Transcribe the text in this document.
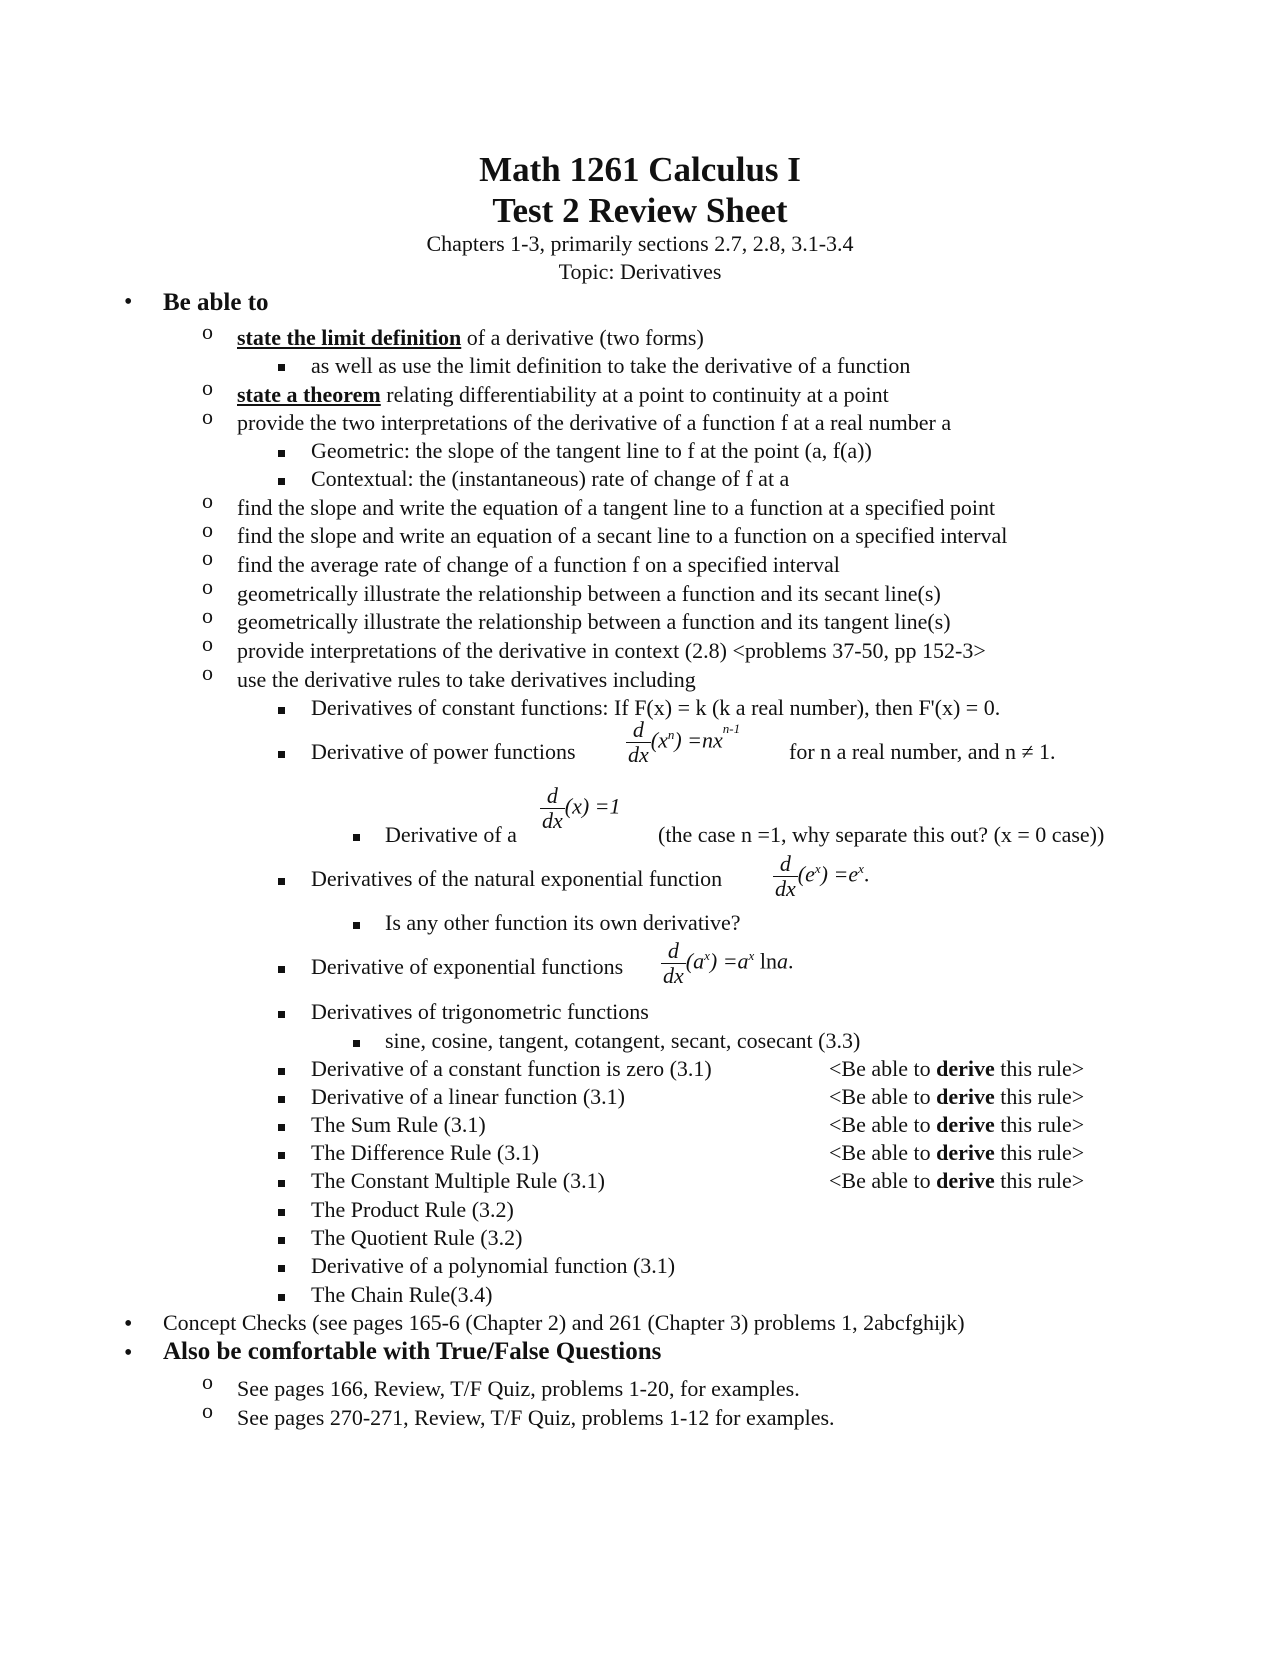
Math 1261 Calculus I
Test 2 Review Sheet
Chapters 1-3, primarily sections 2.7, 2.8, 3.1-3.4
Topic: Derivatives
• Be able to
o state the limit definition of a derivative (two forms)
as well as use the limit definition to take the derivative of a function
o state a theorem relating differentiability at a point to continuity at a point
o provide the two interpretations of the derivative of a function f at a real number a
Geometric: the slope of the tangent line to f at the point (a, f(a))
Contextual: the (instantaneous) rate of change of f at a
o find the slope and write the equation of a tangent line to a function at a specified point
o find the slope and write an equation of a secant line to a function on a specified interval
o find the average rate of change of a function f on a specified interval
o geometrically illustrate the relationship between a function and its secant line(s)
o geometrically illustrate the relationship between a function and its tangent line(s)
o provide interpretations of the derivative in context (2.8) <problems 37-50, pp 152-3>
o use the derivative rules to take derivatives including
Derivatives of constant functions: If F(x) = k (k a real number), then F'(x) = 0.
Derivative of power functions $\frac{d}{dx} (x^n) =nx^{n-1}$
for n a real number, and n ≠ 1.
Derivative of a
$\frac{d}{dx} (x) =1$
(the case n =1, why separate this out? (x = 0 case))
Derivatives of the natural exponential function $\frac{d}{dx} (e^x) =e^x$.
Is any other function its own derivative?
Derivative of exponential functions $\frac{d}{dx} (a^x) =a^x$ lna.
Derivatives of trigonometric functions
sine, cosine, tangent, cotangent, secant, cosecant (3.3)
Derivative of a constant function is zero (3.1)	<Be able to derive this rule>
Derivative of a linear function (3.1)	<Be able to derive this rule>
The Sum Rule (3.1)	<Be able to derive this rule>
The Difference Rule (3.1)	<Be able to derive this rule>
The Constant Multiple Rule (3.1)	<Be able to derive this rule>
The Product Rule (3.2)
The Quotient Rule (3.2)
Derivative of a polynomial function (3.1)
The Chain Rule(3.4)
• Concept Checks (see pages 165-6 (Chapter 2) and 261 (Chapter 3) problems 1, 2abcfghijk)
• Also be comfortable with True/False Questions
o See pages 166, Review, T/F Quiz, problems 1-20, for examples.
o See pages 270-271, Review, T/F Quiz, problems 1-12 for examples.
